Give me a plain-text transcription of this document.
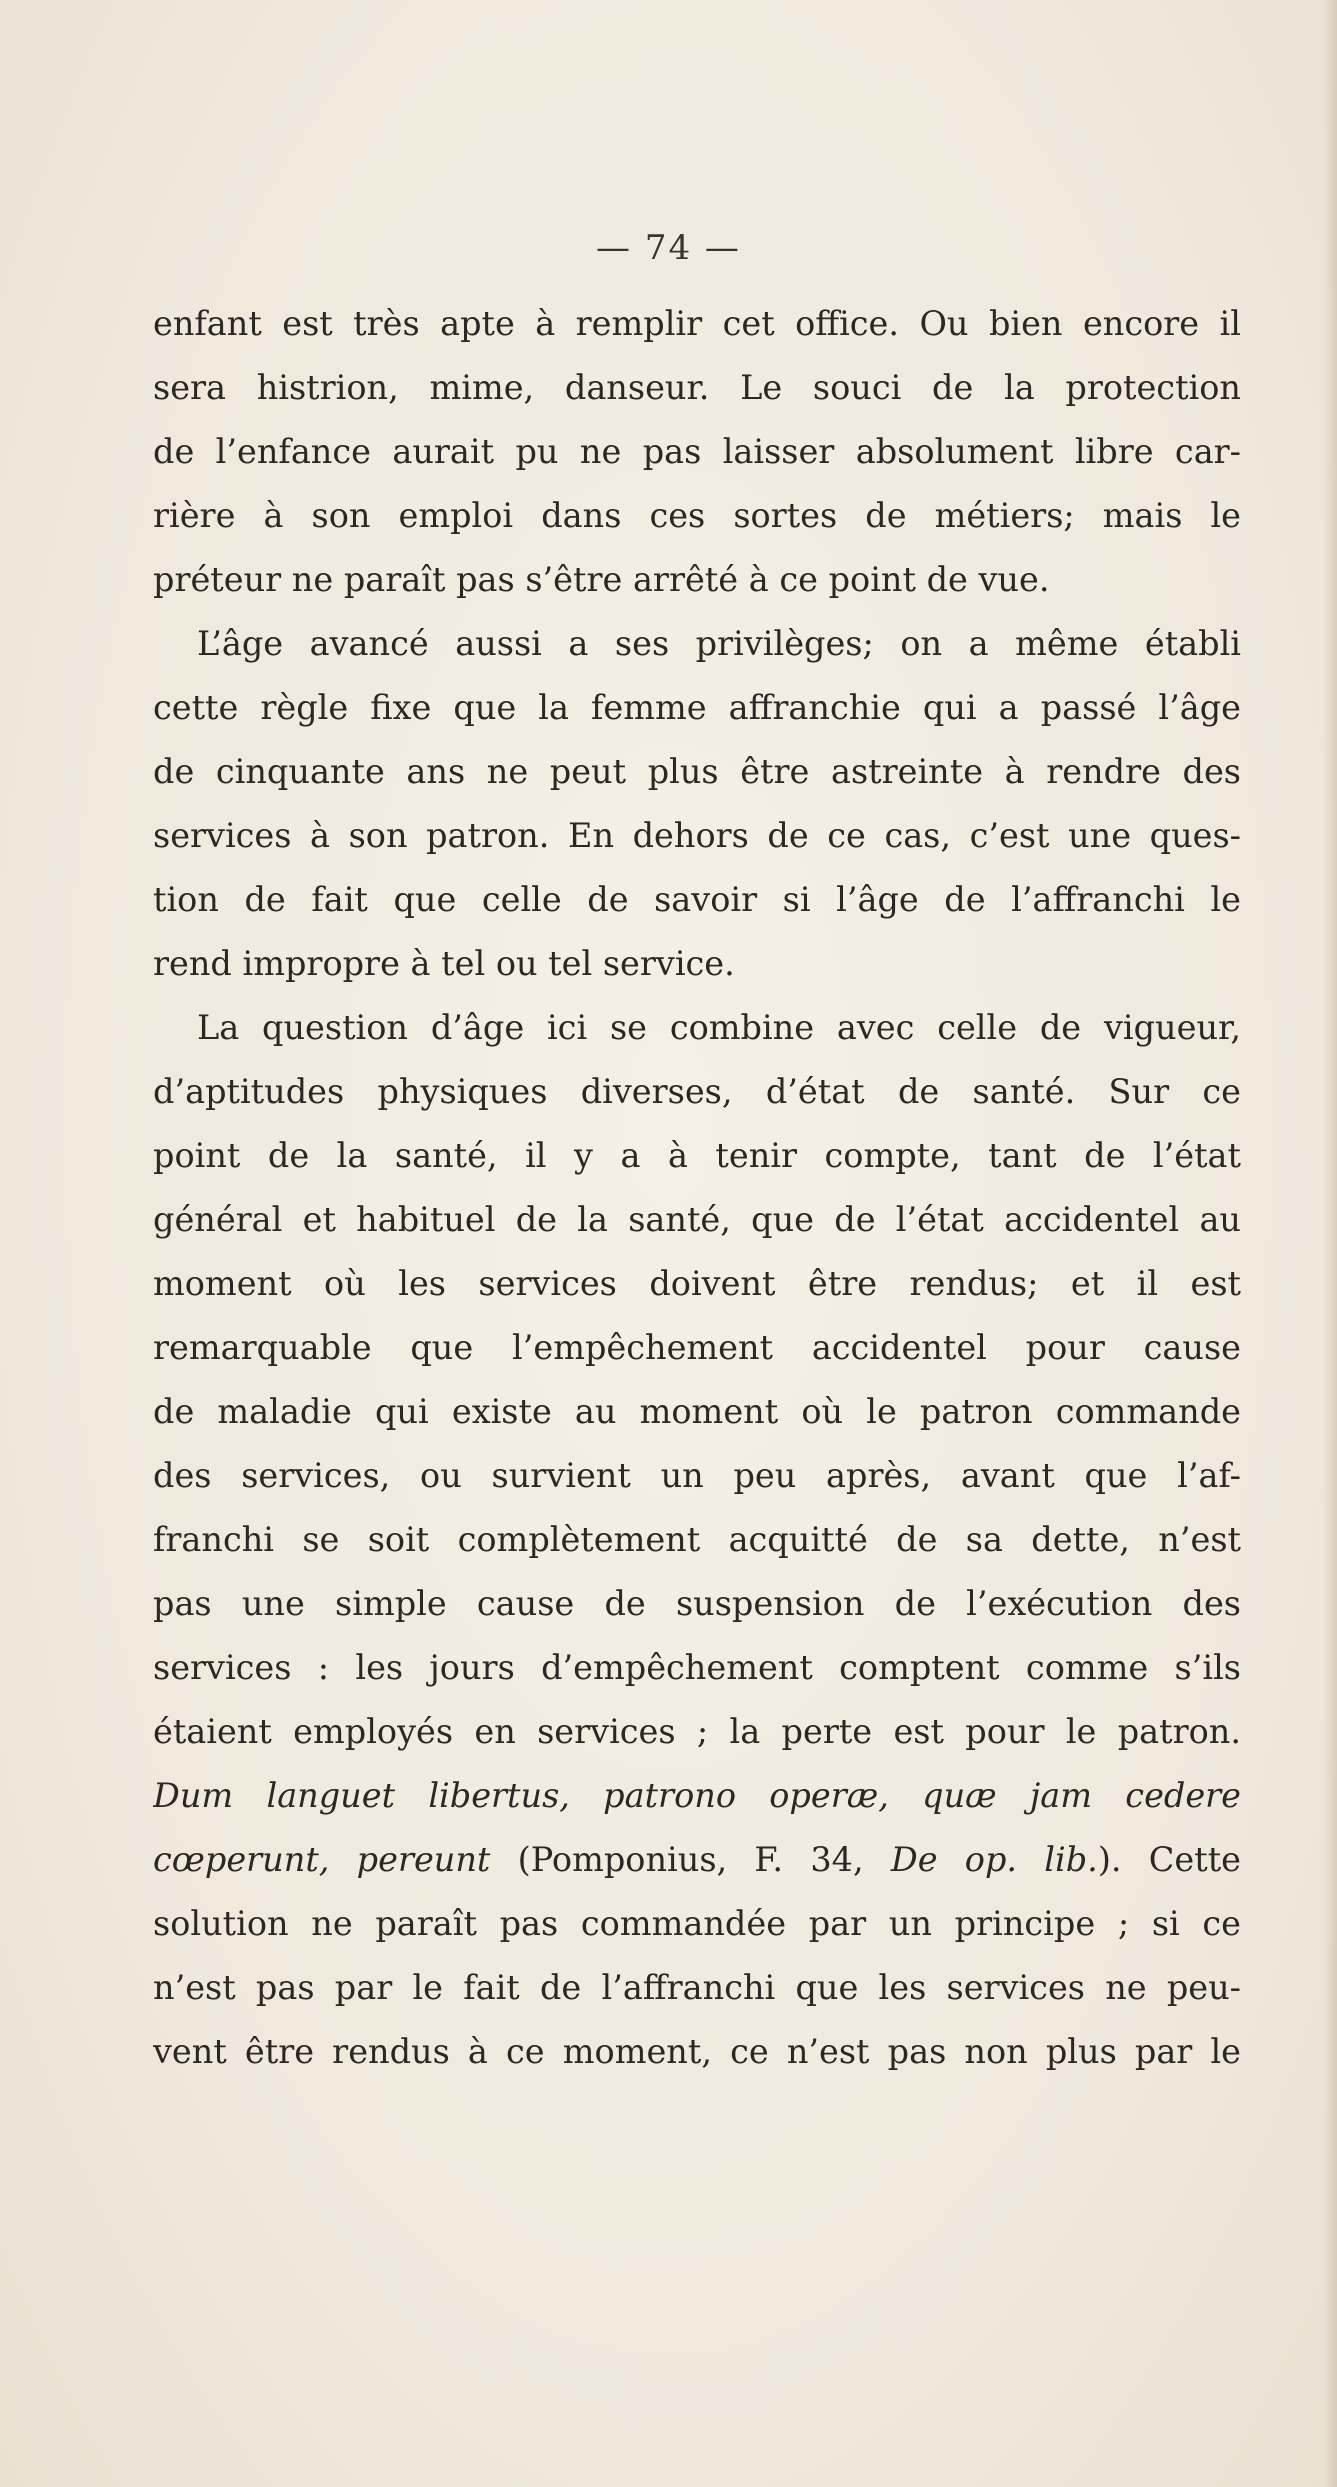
— 74 —
enfant est très apte à remplir cet office. Ou bien encore il
sera histrion, mime, danseur. Le souci de la protection
de l’enfance aurait pu ne pas laisser absolument libre car-
rière à son emploi dans ces sortes de métiers; mais le
préteur ne paraît pas s’être arrêté à ce point de vue.
L’âge avancé aussi a ses privilèges; on a même établi
cette règle fixe que la femme affranchie qui a passé l’âge
de cinquante ans ne peut plus être astreinte à rendre des
services à son patron. En dehors de ce cas, c’est une ques-
tion de fait que celle de savoir si l’âge de l’affranchi le
rend impropre à tel ou tel service.
La question d’âge ici se combine avec celle de vigueur,
d’aptitudes physiques diverses, d’état de santé. Sur ce
point de la santé, il y a à tenir compte, tant de l’état
général et habituel de la santé, que de l’état accidentel au
moment où les services doivent être rendus; et il est
remarquable que l’empêchement accidentel pour cause
de maladie qui existe au moment où le patron commande
des services, ou survient un peu après, avant que l’af-
franchi se soit complètement acquitté de sa dette, n’est
pas une simple cause de suspension de l’exécution des
services : les jours d’empêchement comptent comme s’ils
étaient employés en services ; la perte est pour le patron.
Dum languet libertus, patrono operæ, quæ jam cedere
cœperunt, pereunt (Pomponius, F. 34, De op. lib.). Cette
solution ne paraît pas commandée par un principe ; si ce
n’est pas par le fait de l’affranchi que les services ne peu-
vent être rendus à ce moment, ce n’est pas non plus par le
